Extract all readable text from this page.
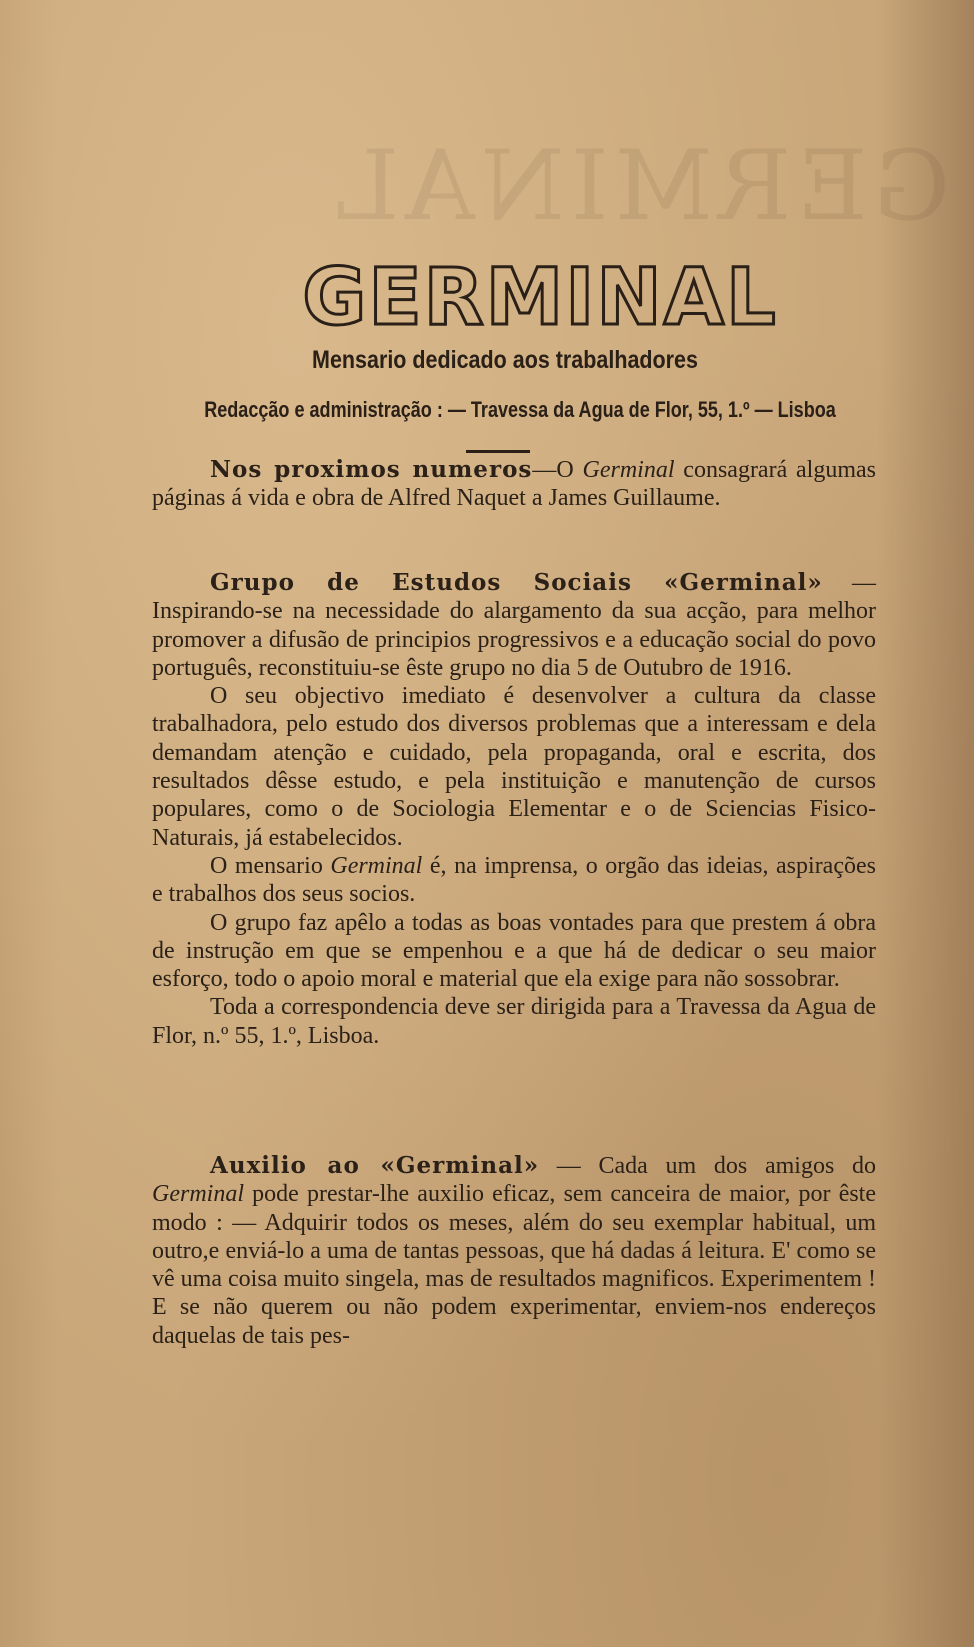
GERMINAL
GERMINAL
Mensario dedicado aos trabalhadores
Redacção e administração : — Travessa da Agua de Flor, 55, 1.º — Lisboa

Nos proximos numeros—O Germinal consagrará algumas páginas á vida e obra de Alfred Naquet a James Guillaume.

Grupo de Estudos Sociais «Germinal» — Inspirando-se na necessidade do alargamento da sua acção, para melhor promover a difusão de principios progressivos e a educação social do povo português, reconstituiu-se êste grupo no dia 5 de Outubro de 1916.

O seu objectivo imediato é desenvolver a cultura da classe trabalhadora, pelo estudo dos diversos problemas que a interessam e dela demandam atenção e cuidado, pela propaganda, oral e escrita, dos resultados dêsse estudo, e pela instituição e manutenção de cursos populares, como o de Sociologia Elementar e o de Sciencias Fisico-Naturais, já estabelecidos.

O mensario Germinal é, na imprensa, o orgão das ideias, aspirações e trabalhos dos seus socios.

O grupo faz apêlo a todas as boas vontades para que prestem á obra de instrução em que se empenhou e a que há de dedicar o seu maior esforço, todo o apoio moral e material que ela exige para não sossobrar.

Toda a correspondencia deve ser dirigida para a Travessa da Agua de Flor, n.º 55, 1.º, Lisboa.

Auxilio ao «Germinal» — Cada um dos amigos do Germinal pode prestar-lhe auxilio eficaz, sem canceira de maior, por êste modo : — Adquirir todos os meses, além do seu exemplar habitual, um outro,e enviá-lo a uma de tantas pessoas, que há dadas á leitura. E' como se vê uma coisa muito singela, mas de resultados magnificos. Experimentem ! E se não querem ou não podem experimentar, enviem-nos endereços daquelas de tais pes-
